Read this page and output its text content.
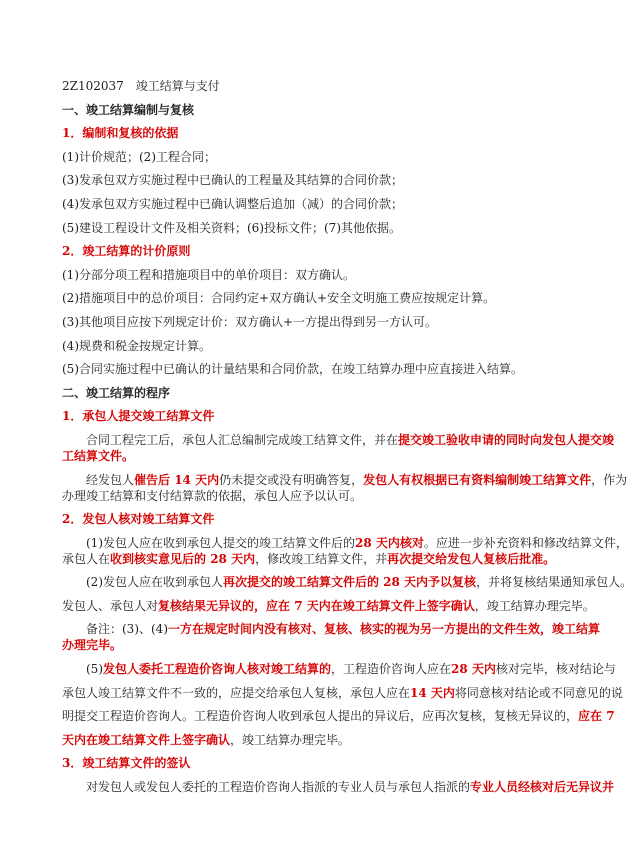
2Z102037　竣工结算与支付

一、竣工结算编制与复核

1．编制和复核的依据

(1)计价规范；(2)工程合同；

(3)发承包双方实施过程中已确认的工程量及其结算的合同价款；

(4)发承包双方实施过程中已确认调整后追加（减）的合同价款；

(5)建设工程设计文件及相关资料；(6)投标文件；(7)其他依据。

2．竣工结算的计价原则

(1)分部分项工程和措施项目中的单价项目：双方确认。

(2)措施项目中的总价项目：合同约定+双方确认+安全文明施工费应按规定计算。

(3)其他项目应按下列规定计价：双方确认+一方提出得到另一方认可。

(4)规费和税金按规定计算。

(5)合同实施过程中已确认的计量结果和合同价款，在竣工结算办理中应直接进入结算。

二、竣工结算的程序

1．承包人提交竣工结算文件

合同工程完工后，承包人汇总编制完成竣工结算文件，并在提交竣工验收申请的同时向发包人提交竣

工结算文件。

经发包人催告后 14 天内仍未提交或没有明确答复，发包人有权根据已有资料编制竣工结算文件，作为

办理竣工结算和支付结算款的依据，承包人应予以认可。

2．发包人核对竣工结算文件

(1)发包人应在收到承包人提交的竣工结算文件后的28 天内核对。应进一步补充资料和修改结算文件，

承包人在收到核实意见后的 28 天内，修改竣工结算文件，并再次提交给发包人复核后批准。

(2)发包人应在收到承包人再次提交的竣工结算文件后的 28 天内予以复核，并将复核结果通知承包人。

发包人、承包人对复核结果无异议的，应在 7 天内在竣工结算文件上签字确认，竣工结算办理完毕。

备注：(3)、(4)一方在规定时间内没有核对、复核、核实的视为另一方提出的文件生效，竣工结算

办理完毕。

(5)发包人委托工程造价咨询人核对竣工结算的，工程造价咨询人应在28 天内核对完毕，核对结论与

承包人竣工结算文件不一致的，应提交给承包人复核，承包人应在14 天内将同意核对结论或不同意见的说

明提交工程造价咨询人。工程造价咨询人收到承包人提出的异议后，应再次复核，复核无异议的，应在 7

天内在竣工结算文件上签字确认，竣工结算办理完毕。

3．竣工结算文件的签认

对发包人或发包人委托的工程造价咨询人指派的专业人员与承包人指派的专业人员经核对后无异议并
